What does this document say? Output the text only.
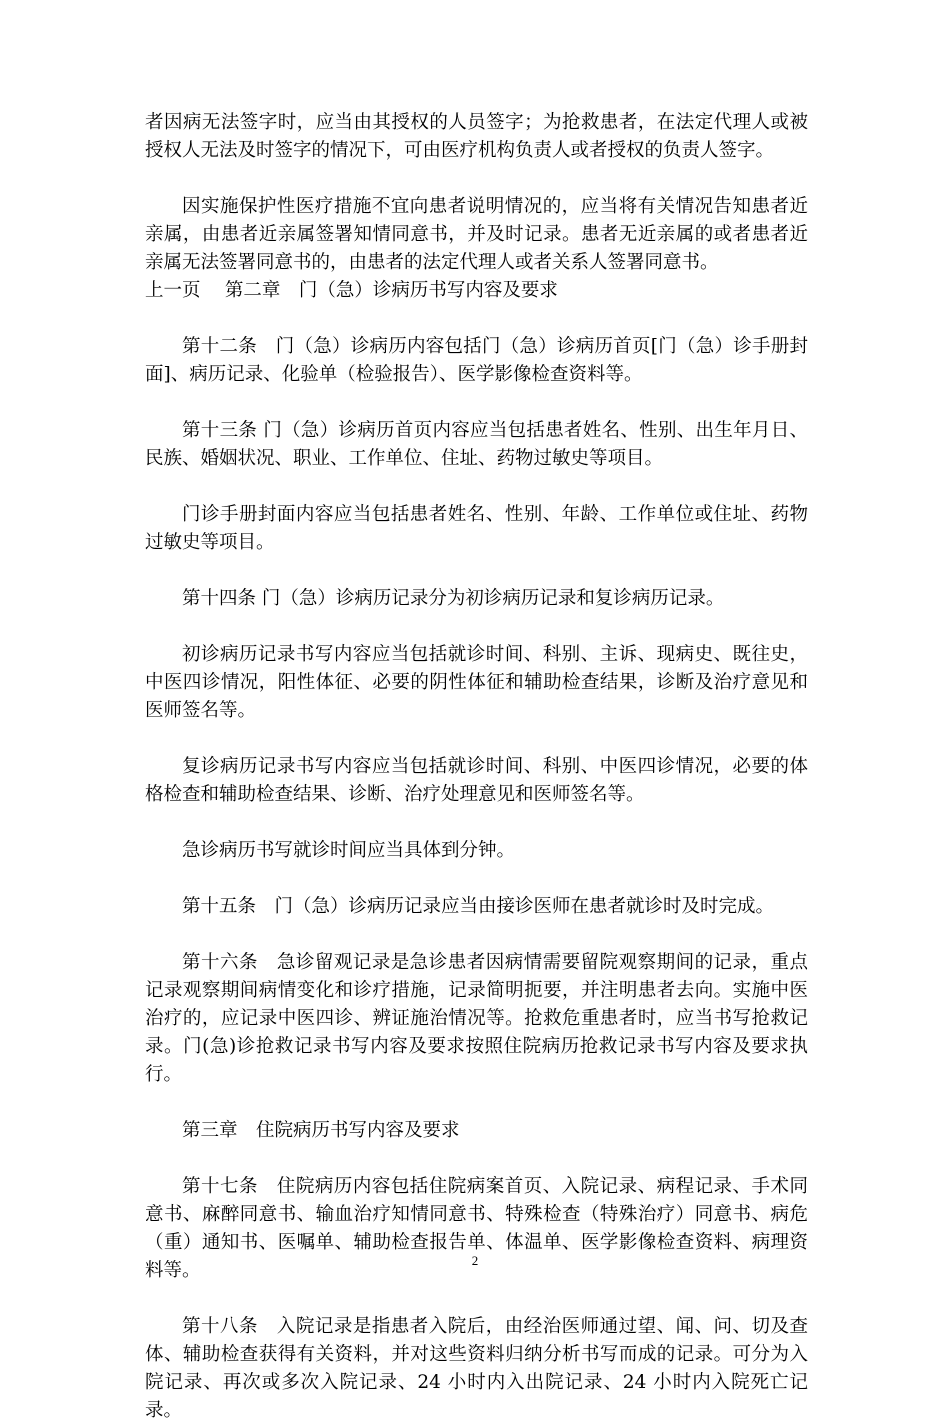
者因病无法签字时，应当由其授权的人员签字；为抢救患者，在法定代理人或被授权人无法及时签字的情况下，可由医疗机构负责人或者授权的负责人签字。

因实施保护性医疗措施不宜向患者说明情况的，应当将有关情况告知患者近亲属，由患者近亲属签署知情同意书，并及时记录。患者无近亲属的或者患者近亲属无法签署同意书的，由患者的法定代理人或者关系人签署同意书。

上一页　 第二章　门（急）诊病历书写内容及要求

第十二条　门（急）诊病历内容包括门（急）诊病历首页[门（急）诊手册封面]、病历记录、化验单（检验报告）、医学影像检查资料等。

第十三条 门（急）诊病历首页内容应当包括患者姓名、性别、出生年月日、民族、婚姻状况、职业、工作单位、住址、药物过敏史等项目。

门诊手册封面内容应当包括患者姓名、性别、年龄、工作单位或住址、药物过敏史等项目。

第十四条 门（急）诊病历记录分为初诊病历记录和复诊病历记录。

初诊病历记录书写内容应当包括就诊时间、科别、主诉、现病史、既往史，中医四诊情况，阳性体征、必要的阴性体征和辅助检查结果，诊断及治疗意见和医师签名等。

复诊病历记录书写内容应当包括就诊时间、科别、中医四诊情况，必要的体格检查和辅助检查结果、诊断、治疗处理意见和医师签名等。

急诊病历书写就诊时间应当具体到分钟。

第十五条　门（急）诊病历记录应当由接诊医师在患者就诊时及时完成。

第十六条　急诊留观记录是急诊患者因病情需要留院观察期间的记录，重点记录观察期间病情变化和诊疗措施，记录简明扼要，并注明患者去向。实施中医治疗的，应记录中医四诊、辨证施治情况等。抢救危重患者时，应当书写抢救记录。门(急)诊抢救记录书写内容及要求按照住院病历抢救记录书写内容及要求执行。

第三章　住院病历书写内容及要求

第十七条　住院病历内容包括住院病案首页、入院记录、病程记录、手术同意书、麻醉同意书、输血治疗知情同意书、特殊检查（特殊治疗）同意书、病危（重）通知书、医嘱单、辅助检查报告单、体温单、医学影像检查资料、病理资料等。

第十八条　入院记录是指患者入院后，由经治医师通过望、闻、问、切及查体、辅助检查获得有关资料，并对这些资料归纳分析书写而成的记录。可分为入院记录、再次或多次入院记录、24 小时内入出院记录、24 小时内入院死亡记录。

2
